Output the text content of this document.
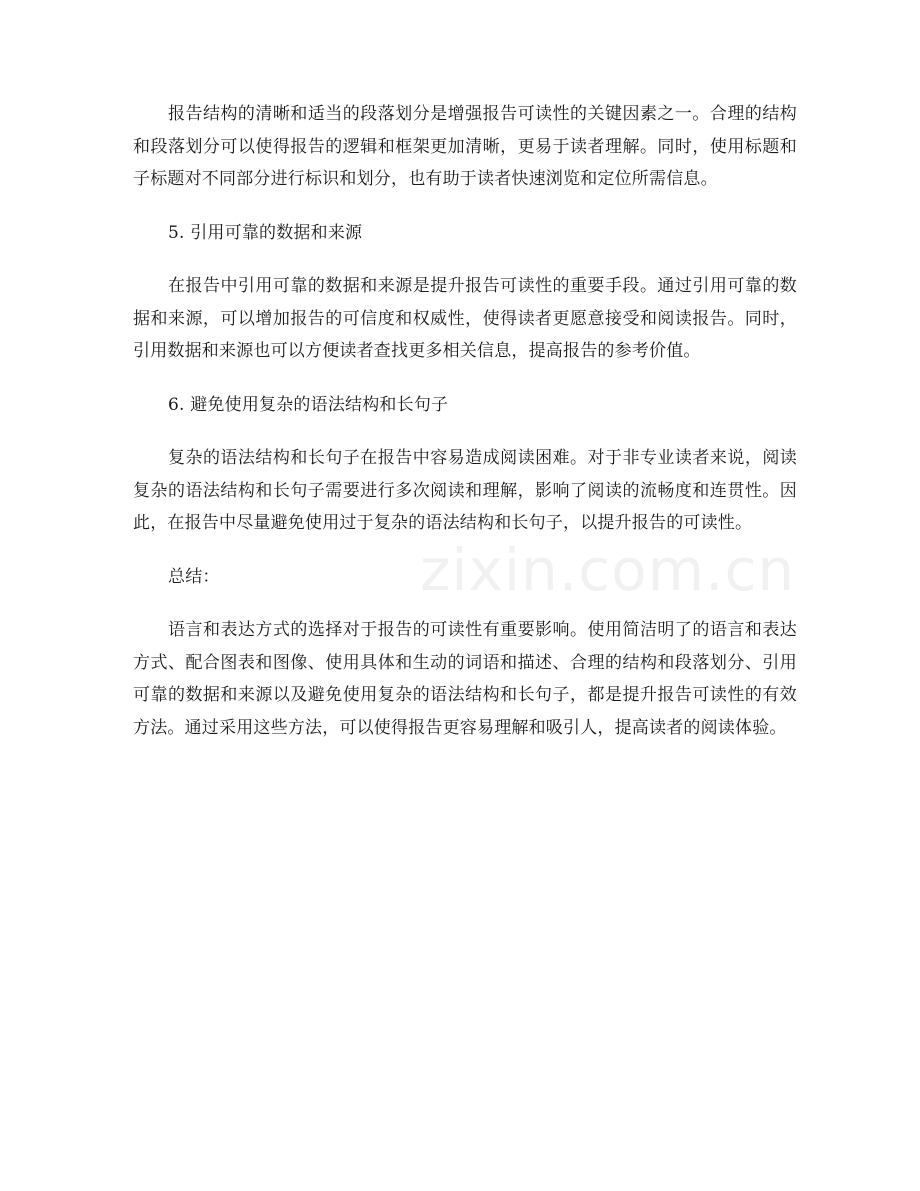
报告结构的清晰和适当的段落划分是增强报告可读性的关键因素之一。合理的结构和段落划分可以使得报告的逻辑和框架更加清晰，更易于读者理解。同时，使用标题和子标题对不同部分进行标识和划分，也有助于读者快速浏览和定位所需信息。

5. 引用可靠的数据和来源

在报告中引用可靠的数据和来源是提升报告可读性的重要手段。通过引用可靠的数据和来源，可以增加报告的可信度和权威性，使得读者更愿意接受和阅读报告。同时，引用数据和来源也可以方便读者查找更多相关信息，提高报告的参考价值。

6. 避免使用复杂的语法结构和长句子

复杂的语法结构和长句子在报告中容易造成阅读困难。对于非专业读者来说，阅读复杂的语法结构和长句子需要进行多次阅读和理解，影响了阅读的流畅度和连贯性。因此，在报告中尽量避免使用过于复杂的语法结构和长句子，以提升报告的可读性。

总结：

语言和表达方式的选择对于报告的可读性有重要影响。使用简洁明了的语言和表达方式、配合图表和图像、使用具体和生动的词语和描述、合理的结构和段落划分、引用可靠的数据和来源以及避免使用复杂的语法结构和长句子，都是提升报告可读性的有效方法。通过采用这些方法，可以使得报告更容易理解和吸引人，提高读者的阅读体验。

zixin.com.cn
